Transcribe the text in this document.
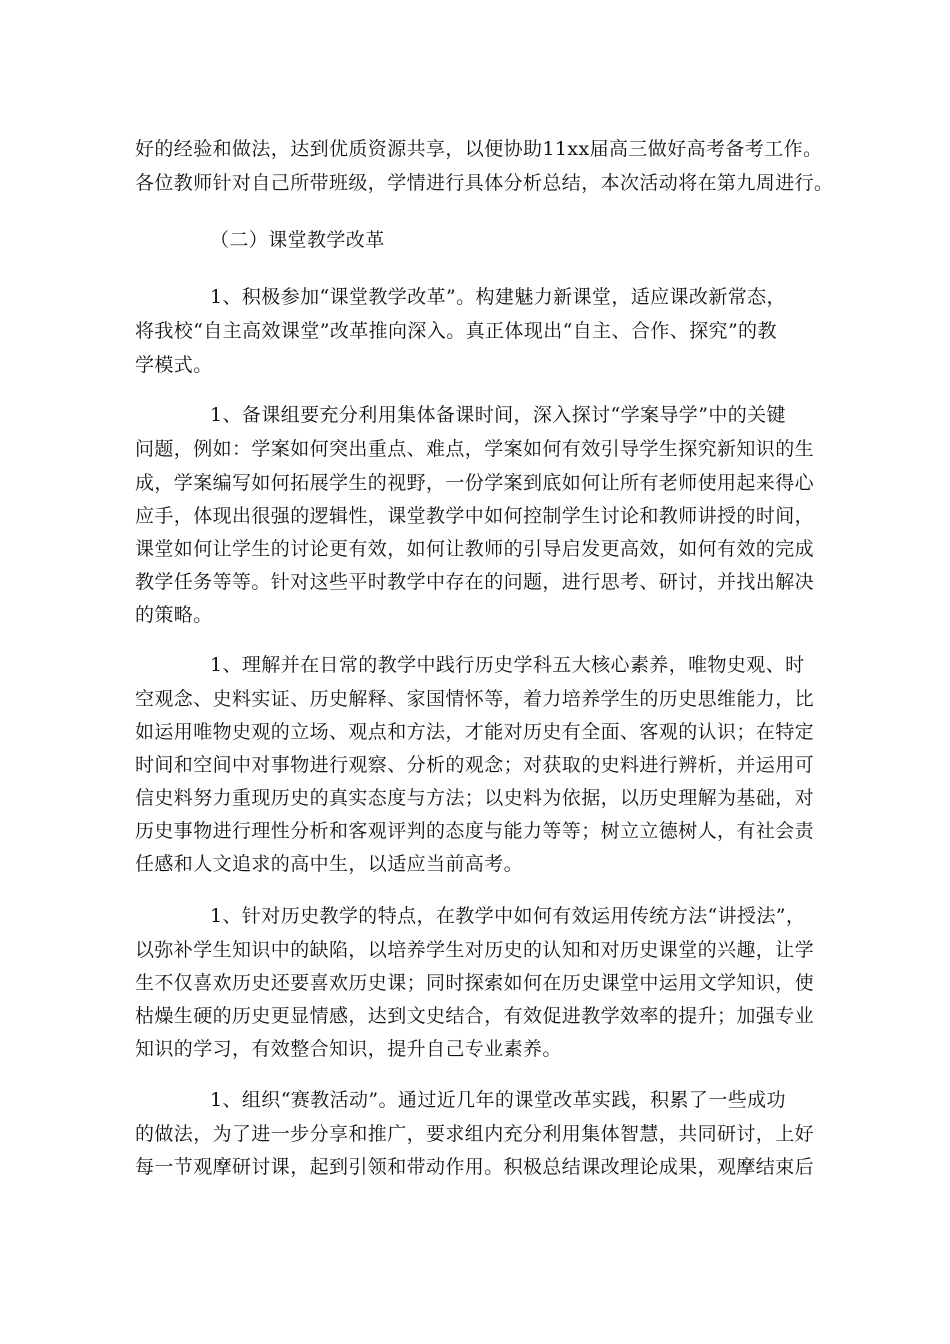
好的经验和做法，达到优质资源共享，以便协助11xx届高三做好高考备考工作。
各位教师针对自己所带班级，学情进行具体分析总结，本次活动将在第九周进行。
（二）课堂教学改革
1、积极参加“课堂教学改革”。构建魅力新课堂，适应课改新常态，
将我校“自主高效课堂”改革推向深入。真正体现出“自主、合作、探究”的教
学模式。
1、备课组要充分利用集体备课时间，深入探讨“学案导学”中的关键
问题，例如：学案如何突出重点、难点，学案如何有效引导学生探究新知识的生
成，学案编写如何拓展学生的视野，一份学案到底如何让所有老师使用起来得心
应手，体现出很强的逻辑性，课堂教学中如何控制学生讨论和教师讲授的时间，
课堂如何让学生的讨论更有效，如何让教师的引导启发更高效，如何有效的完成
教学任务等等。针对这些平时教学中存在的问题，进行思考、研讨，并找出解决
的策略。
1、理解并在日常的教学中践行历史学科五大核心素养，唯物史观、时
空观念、史料实证、历史解释、家国情怀等，着力培养学生的历史思维能力，比
如运用唯物史观的立场、观点和方法，才能对历史有全面、客观的认识；在特定
时间和空间中对事物进行观察、分析的观念；对获取的史料进行辨析，并运用可
信史料努力重现历史的真实态度与方法；以史料为依据，以历史理解为基础，对
历史事物进行理性分析和客观评判的态度与能力等等；树立立德树人，有社会责
任感和人文追求的高中生，以适应当前高考。
1、针对历史教学的特点，在教学中如何有效运用传统方法“讲授法”，
以弥补学生知识中的缺陷，以培养学生对历史的认知和对历史课堂的兴趣，让学
生不仅喜欢历史还要喜欢历史课；同时探索如何在历史课堂中运用文学知识，使
枯燥生硬的历史更显情感，达到文史结合，有效促进教学效率的提升；加强专业
知识的学习，有效整合知识，提升自己专业素养。
1、组织“赛教活动”。通过近几年的课堂改革实践，积累了一些成功
的做法，为了进一步分享和推广，要求组内充分利用集体智慧，共同研讨，上好
每一节观摩研讨课，起到引领和带动作用。积极总结课改理论成果，观摩结束后
